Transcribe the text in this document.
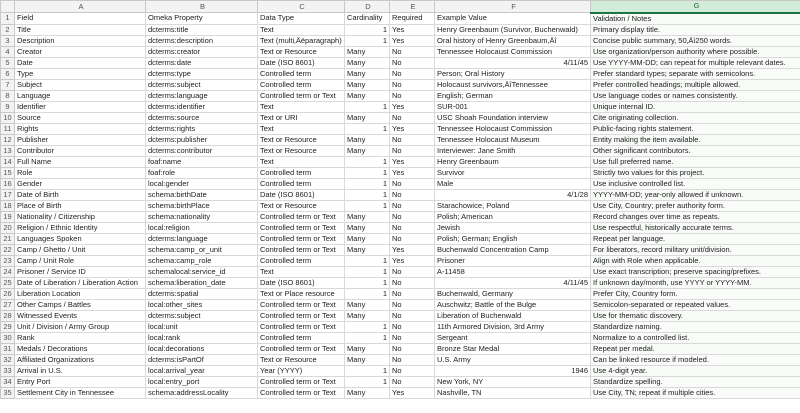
	A	B	C	D	E	F	G
1	Field	Omeka Property	Data Type	Cardinality	Required	Example Value	Validation / Notes
2	Title	dcterms:title	Text	1	Yes	Henry Greenbaum (Survivor, Buchenwald)	Primary display title.
3	Description	dcterms:description	Text (multi‚Äëparagraph)	1	Yes	Oral history of Henry Greenbaum,Äî	Concise public summary, 50‚Äì250 words.
4	Creator	dcterms:creator	Text or Resource	Many	No	Tennessee Holocaust Commission	Use organization/person authority where possible.
5	Date	dcterms:date	Date (ISO 8601)	Many	No	4/11/45	Use YYYY-MM-DD; can repeat for multiple relevant dates.
6	Type	dcterms:type	Controlled term	Many	No	Person; Oral History	Prefer standard types; separate with semicolons.
7	Subject	dcterms:subject	Controlled term	Many	No	Holocaust survivors,ÄîTennessee	Prefer controlled headings; multiple allowed.
8	Language	dcterms:language	Controlled term or Text	Many	No	English; German	Use language codes or names consistently.
9	Identifier	dcterms:identifier	Text	1	Yes	SUR-001	Unique internal ID.
10	Source	dcterms:source	Text or URI	Many	No	USC Shoah Foundation interview	Cite originating collection.
11	Rights	dcterms:rights	Text	1	Yes	Tennessee Holocaust Commission	Public-facing rights statement.
12	Publisher	dcterms:publisher	Text or Resource	Many	No	Tennessee Holocaust Museum	Entity making the item available.
13	Contributor	dcterms:contributor	Text or Resource	Many	No	Interviewer: Jane Smith	Other significant contributors.
14	Full Name	foaf:name	Text	1	Yes	Henry Greenbaum	Use full preferred name.
15	Role	foaf:role	Controlled term	1	Yes	Survivor	Strictly two values for this project.
16	Gender	local:gender	Controlled term	1	No	Male	Use inclusive controlled list.
17	Date of Birth	schema:birthDate	Date (ISO 8601)	1	No	4/1/28	YYYY-MM-DD; year-only allowed if unknown.
18	Place of Birth	schema:birthPlace	Text or Resource	1	No	Starachowice, Poland	Use City, Country; prefer authority form.
19	Nationality / Citizenship	schema:nationality	Controlled term or Text	Many	No	Polish; American	Record changes over time as repeats.
20	Religion / Ethnic Identity	local:religion	Controlled term or Text	Many	No	Jewish	Use respectful, historically accurate terms.
21	Languages Spoken	dcterms:language	Controlled term or Text	Many	No	Polish; German; English	Repeat per language.
22	Camp / Ghetto / Unit	schema:camp_or_unit	Controlled term or Text	Many	Yes	Buchenwald Concentration Camp	For liberators, record military unit/division.
23	Camp / Unit Role	schema:camp_role	Controlled term	1	Yes	Prisoner	Align with Role when applicable.
24	Prisoner / Service ID	schemalocal:service_id	Text	1	No	A-11458	Use exact transcription; preserve spacing/prefixes.
25	Date of Liberation / Liberation Action	schema:liberation_date	Date (ISO 8601)	1	No	4/11/45	If unknown day/month, use YYYY or YYYY-MM.
26	Liberation Location	dcterms:spatial	Text or Place resource	1	No	Buchenwald, Germany	Prefer City, Country form.
27	Other Camps / Battles	local:other_sites	Controlled term or Text	Many	No	Auschwitz; Battle of the Bulge	Semicolon-separated or repeated values.
28	Witnessed Events	dcterms:subject	Controlled term or Text	Many	No	Liberation of Buchenwald	Use for thematic discovery.
29	Unit / Division / Army Group	local:unit	Controlled term or Text	1	No	11th Armored Division, 3rd Army	Standardize naming.
30	Rank	local:rank	Controlled term	1	No	Sergeant	Normalize to a controlled list.
31	Medals / Decorations	local:decorations	Controlled term or Text	Many	No	Bronze Star Medal	Repeat per medal.
32	Affiliated Organizations	dcterms:isPartOf	Text or Resource	Many	No	U.S. Army	Can be linked resource if modeled.
33	Arrival in U.S.	local:arrival_year	Year (YYYY)	1	No	1946	Use 4-digit year.
34	Entry Port	local:entry_port	Controlled term or Text	1	No	New York, NY	Standardize spelling.
35	Settlement City in Tennessee	schema:addressLocality	Controlled term or Text	Many	Yes	Nashville, TN	Use City, TN; repeat if multiple cities.
